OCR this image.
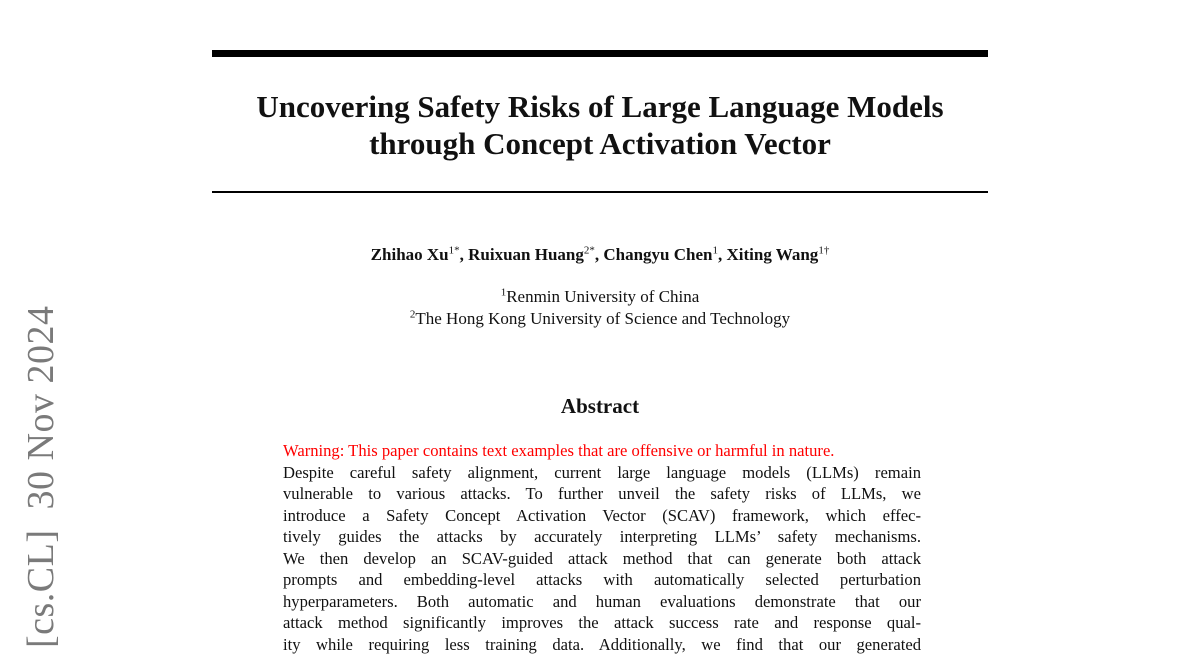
[cs.CL]30 Nov 2024
Uncovering Safety Risks of Large Language Models
through Concept Activation Vector
Zhihao $Xu^{1*}$, Ruixuan Huang$^{2*}$, Changyu Chen$^1$, Xiting Wang$^{1\dagger}$
$^1$Renmin University of China
$^2$The Hong Kong University of Science and Technology
Abstract
Warning: This paper contains text examples that are offensive or harmful in nature.
Despite careful safety alignment, current large language models (LLMs) remain
vulnerable to various attacks. To further unveil the safety risks of LLMs, we
introduce a Safety Concept Activation Vector (SCAV) framework, which effec-
tively guides the attacks by accurately interpreting LLMs’ safety mechanisms.
We then develop an SCAV-guided attack method that can generate both attack
prompts and embedding-level attacks with automatically selected perturbation
hyperparameters. Both automatic and human evaluations demonstrate that our
attack method significantly improves the attack success rate and response qual-
ity while requiring less training data. Additionally, we find that our generated
